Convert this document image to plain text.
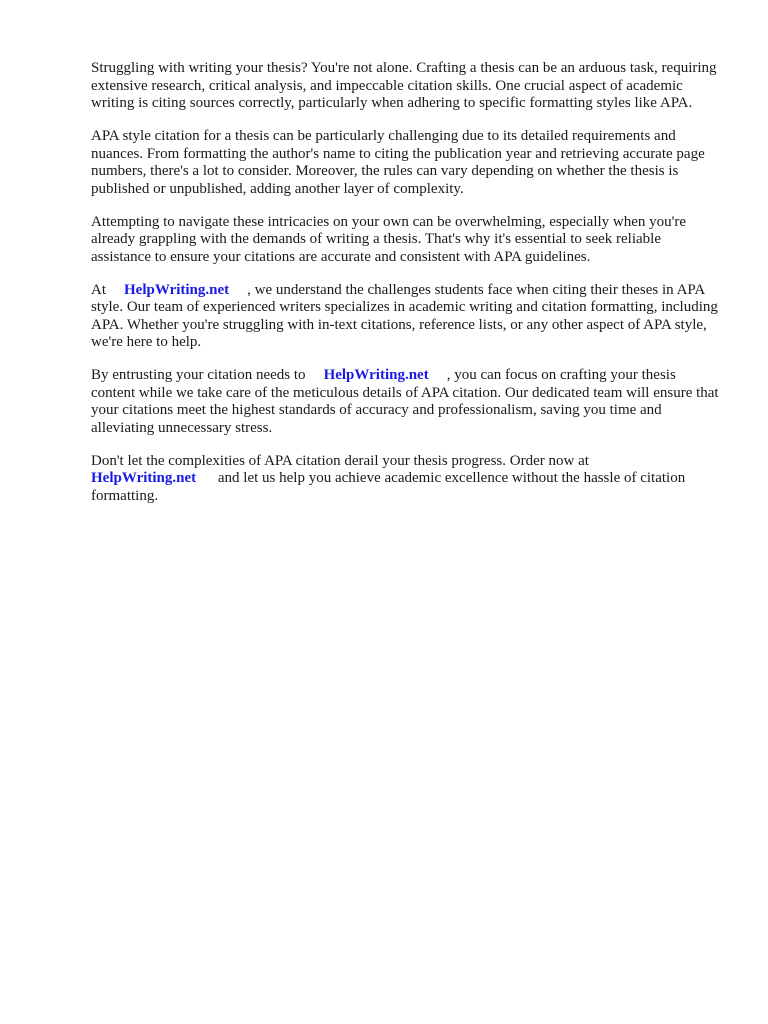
Struggling with writing your thesis? You're not alone. Crafting a thesis can be an arduous task, requiring extensive research, critical analysis, and impeccable citation skills. One crucial aspect of academic writing is citing sources correctly, particularly when adhering to specific formatting styles like APA.

APA style citation for a thesis can be particularly challenging due to its detailed requirements and nuances. From formatting the author's name to citing the publication year and retrieving accurate page numbers, there's a lot to consider. Moreover, the rules can vary depending on whether the thesis is published or unpublished, adding another layer of complexity.

Attempting to navigate these intricacies on your own can be overwhelming, especially when you're already grappling with the demands of writing a thesis. That's why it's essential to seek reliable assistance to ensure your citations are accurate and consistent with APA guidelines.

At HelpWriting.net , we understand the challenges students face when citing their theses in APA style. Our team of experienced writers specializes in academic writing and citation formatting, including APA. Whether you're struggling with in-text citations, reference lists, or any other aspect of APA style, we're here to help.

By entrusting your citation needs to HelpWriting.net , you can focus on crafting your thesis content while we take care of the meticulous details of APA citation. Our dedicated team will ensure that your citations meet the highest standards of accuracy and professionalism, saving you time and alleviating unnecessary stress.

Don't let the complexities of APA citation derail your thesis progress. Order now at
HelpWriting.net and let us help you achieve academic excellence without the hassle of citation formatting.
